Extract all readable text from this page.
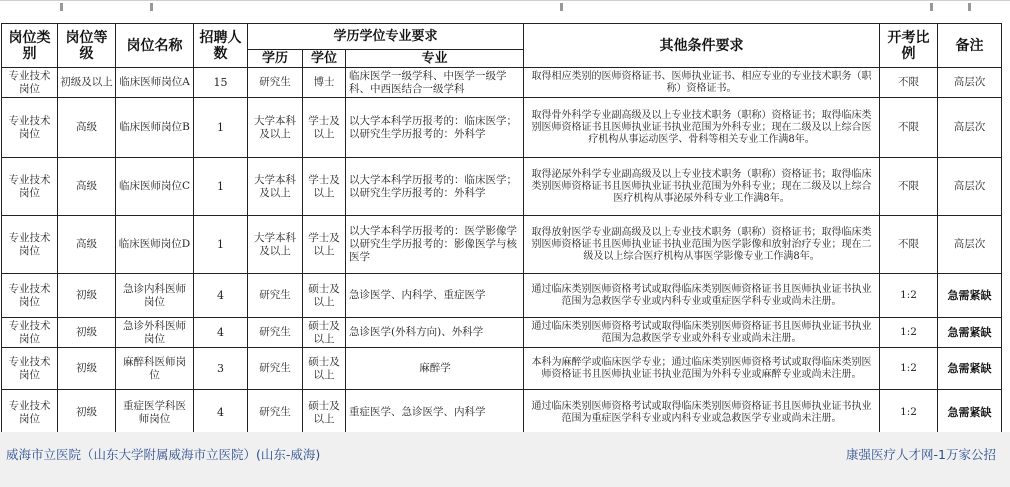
岗位类别	岗位等级	岗位名称	招聘人数	学历学位专业要求			其他条件要求	开考比例	备注
				学历	学位	专业			
专业技术岗位	初级及以上	临床医师岗位A	15	研究生	博士	临床医学一级学科、中医学一级学科、中西医结合一级学科	取得相应类别的医师资格证书、医师执业证书、相应专业的专业技术职务（职称）资格证书。	不限	高层次
专业技术岗位	高级	临床医师岗位B	1	大学本科及以上	学士及以上	以大学本科学历报考的：临床医学；以研究生学历报考的：外科学	取得骨外科学专业副高级及以上专业技术职务（职称）资格证书；取得临床类别医师资格证书且医师执业证书执业范围为外科专业；现在二级及以上综合医疗机构从事运动医学、骨科等相关专业工作满8年。	不限	高层次
专业技术岗位	高级	临床医师岗位C	1	大学本科及以上	学士及以上	以大学本科学历报考的：临床医学；以研究生学历报考的：外科学	取得泌尿外科学专业副高级及以上专业技术职务（职称）资格证书；取得临床类别医师资格证书且医师执业证书执业范围为外科专业；现在二级及以上综合医疗机构从事泌尿外科专业工作满8年。	不限	高层次
专业技术岗位	高级	临床医师岗位D	1	大学本科及以上	学士及以上	以大学本科学历报考的：医学影像学以研究生学历报考的：影像医学与核医学	取得放射医学专业副高级及以上专业技术职务（职称）资格证书；取得临床类别医师资格证书且医师执业证书执业范围为医学影像和放射治疗专业；现在二级及以上综合医疗机构从事医学影像专业工作满8年。	不限	高层次
专业技术岗位	初级	急诊内科医师岗位	4	研究生	硕士及以上	急诊医学、内科学、重症医学	通过临床类别医师资格考试或取得临床类别医师资格证书且医师执业证书执业范围为急救医学专业或内科专业或重症医学科专业或尚未注册。	1:2	急需紧缺
专业技术岗位	初级	急诊外科医师岗位	4	研究生	硕士及以上	急诊医学(外科方向)、外科学	通过临床类别医师资格考试或取得临床类别医师资格证书且医师执业证书执业范围为急救医学专业或外科专业或尚未注册。	1:2	急需紧缺
专业技术岗位	初级	麻醉科医师岗位	3	研究生	硕士及以上	麻醉学	本科为麻醉学或临床医学专业；通过临床类别医师资格考试或取得临床类别医师资格证书且医师执业证书执业范围为外科专业或麻醉专业或尚未注册。	1:2	急需紧缺
专业技术岗位	初级	重症医学科医师岗位	4	研究生	硕士及以上	重症医学、急诊医学、内科学	通过临床类别医师资格考试或取得临床类别医师资格证书且医师执业证书执业范围为重症医学科专业或内科专业或急救医学专业或尚未注册。	1:2	急需紧缺
威海市立医院（山东大学附属威海市立医院）(山东-威海)	康强医疗人才网-1万家公招
